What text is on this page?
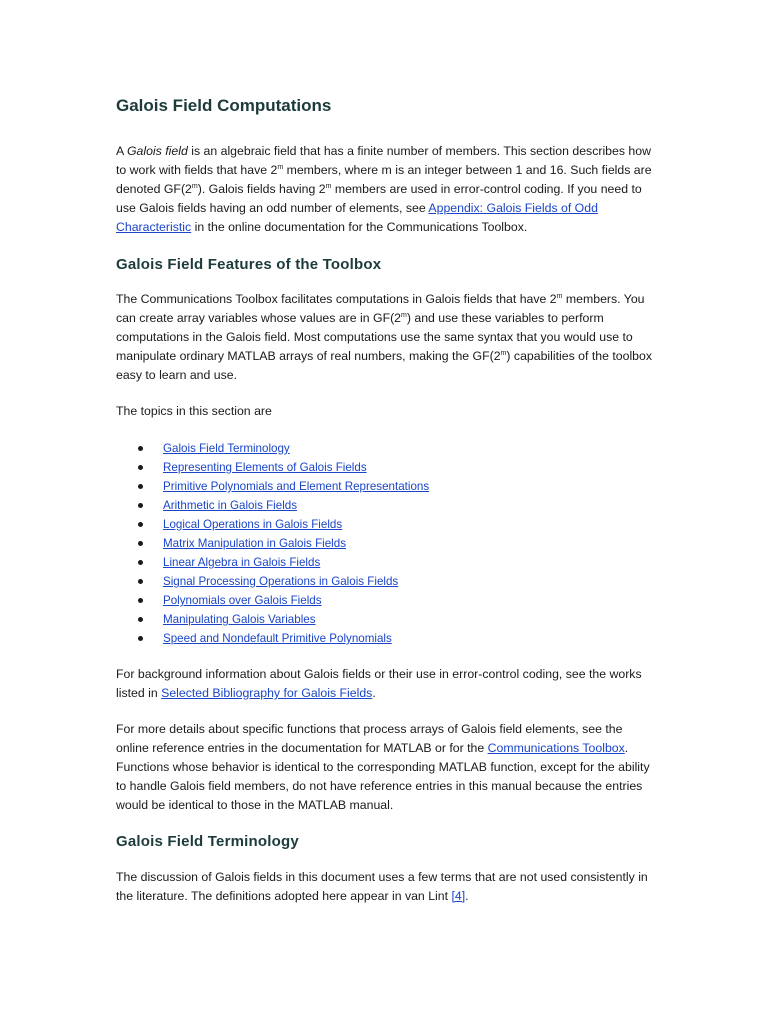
Galois Field Computations

A Galois field is an algebraic field that has a finite number of members. This section describes how to work with fields that have 2$^m$ members, where m is an integer between 1 and 16. Such fields are denoted GF(2$^m$). Galois fields having 2$^m$ members are used in error-control coding. If you need to use Galois fields having an odd number of elements, see Appendix: Galois Fields of Odd Characteristic in the online documentation for the Communications Toolbox.

Galois Field Features of the Toolbox

The Communications Toolbox facilitates computations in Galois fields that have 2$^m$ members. You can create array variables whose values are in GF(2$^m$) and use these variables to perform computations in the Galois field. Most computations use the same syntax that you would use to manipulate ordinary MATLAB arrays of real numbers, making the GF(2$^m$) capabilities of the toolbox easy to learn and use.

The topics in this section are

Galois Field Terminology
Representing Elements of Galois Fields
Primitive Polynomials and Element Representations
Arithmetic in Galois Fields
Logical Operations in Galois Fields
Matrix Manipulation in Galois Fields
Linear Algebra in Galois Fields
Signal Processing Operations in Galois Fields
Polynomials over Galois Fields
Manipulating Galois Variables
Speed and Nondefault Primitive Polynomials

For background information about Galois fields or their use in error-control coding, see the works listed in Selected Bibliography for Galois Fields.

For more details about specific functions that process arrays of Galois field elements, see the online reference entries in the documentation for MATLAB or for the Communications Toolbox. Functions whose behavior is identical to the corresponding MATLAB function, except for the ability to handle Galois field members, do not have reference entries in this manual because the entries would be identical to those in the MATLAB manual.

Galois Field Terminology

The discussion of Galois fields in this document uses a few terms that are not used consistently in the literature. The definitions adopted here appear in van Lint [4].
